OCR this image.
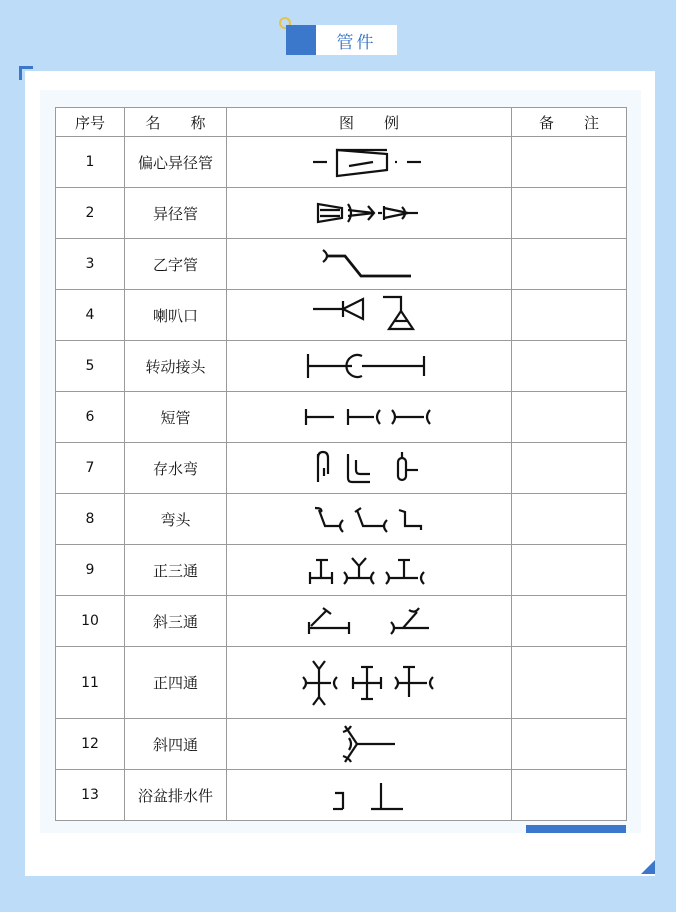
管件
序号	名　　称	图　　例	备　　注
1	偏心异径管	

2	异径管	

3	乙字管	

4	喇叭口	

5	转动接头	

6	短管	

7	存水弯	

8	弯头	

9	正三通	

10	斜三通	

11	正四通	

12	斜四通	

13	浴盆排水件	
